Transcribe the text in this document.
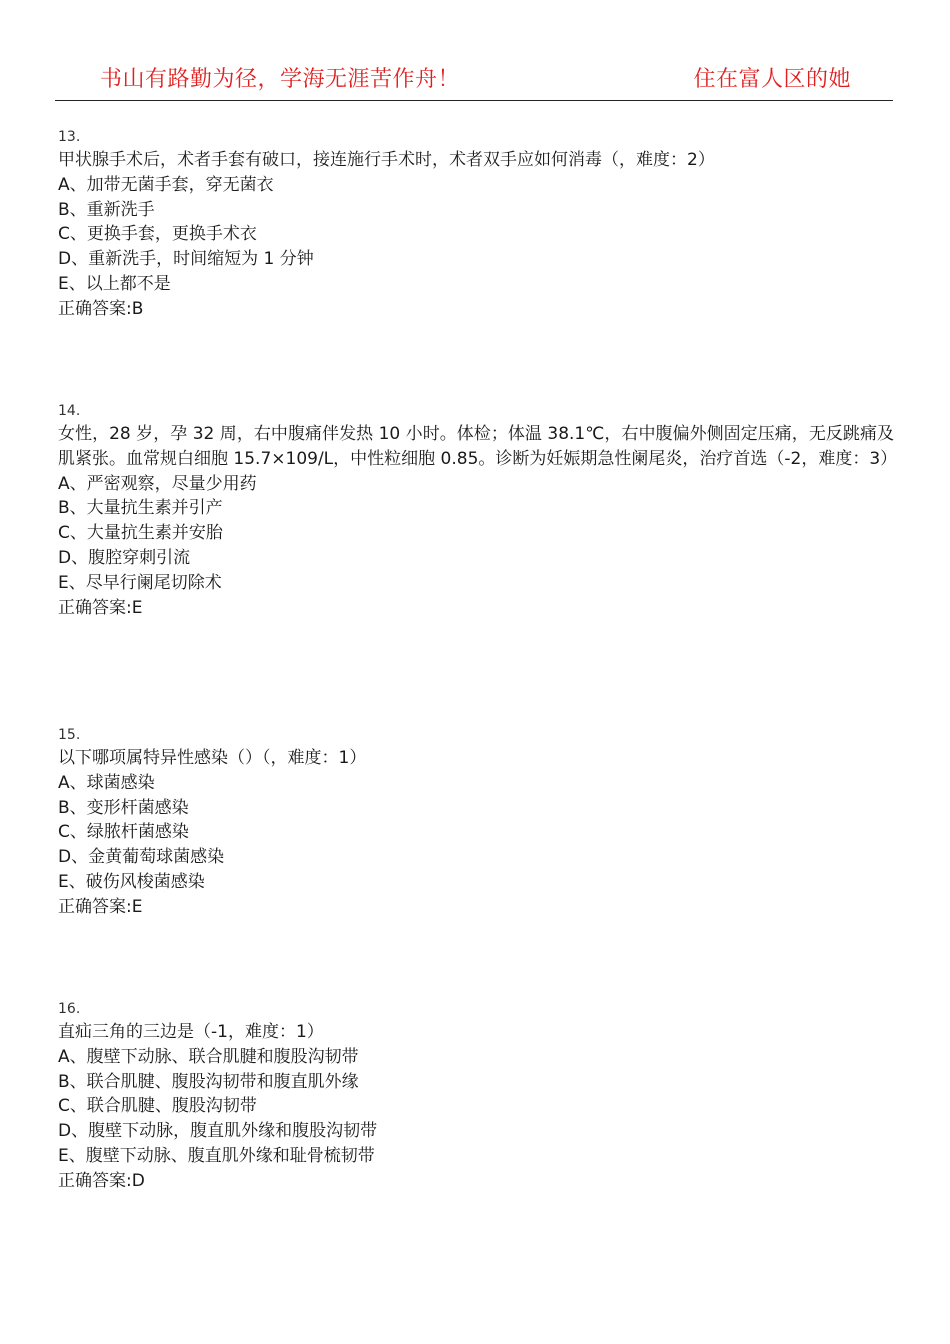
书山有路勤为径，学海无涯苦作舟！	住在富人区的她
13.
甲状腺手术后，术者手套有破口，接连施行手术时，术者双手应如何消毒（，难度：2）
A、加带无菌手套，穿无菌衣
B、重新洗手
C、更换手套，更换手术衣
D、重新洗手，时间缩短为 1 分钟
E、以上都不是
正确答案:B
14.
女性，28 岁，孕 32 周，右中腹痛伴发热 10 小时。体检；体温 38.1℃，右中腹偏外侧固定压痛，无反跳痛及肌紧张。血常规白细胞 15.7×109/L，中性粒细胞 0.85。诊断为妊娠期急性阑尾炎，治疗首选（-2，难度：3）
A、严密观察，尽量少用药
B、大量抗生素并引产
C、大量抗生素并安胎
D、腹腔穿刺引流
E、尽早行阑尾切除术
正确答案:E
15.
以下哪项属特异性感染（）（，难度：1）
A、球菌感染
B、变形杆菌感染
C、绿脓杆菌感染
D、金黄葡萄球菌感染
E、破伤风梭菌感染
正确答案:E
16.
直疝三角的三边是（-1，难度：1）
A、腹壁下动脉、联合肌腱和腹股沟韧带
B、联合肌腱、腹股沟韧带和腹直肌外缘
C、联合肌腱、腹股沟韧带
D、腹壁下动脉，腹直肌外缘和腹股沟韧带
E、腹壁下动脉、腹直肌外缘和耻骨梳韧带
正确答案:D
